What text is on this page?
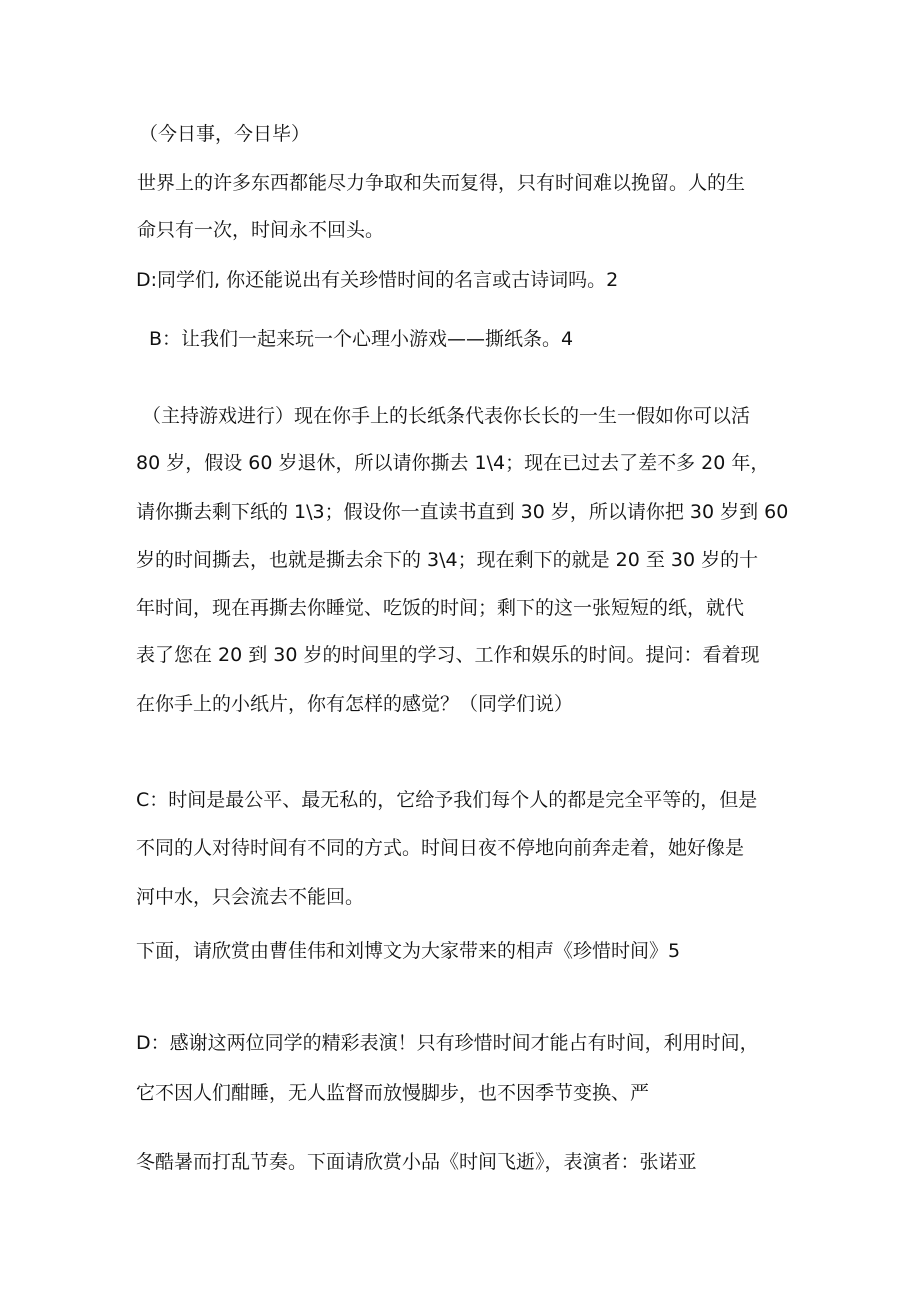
（今日事，今日毕）
世界上的许多东西都能尽力争取和失而复得，只有时间难以挽留。人的生
命只有一次，时间永不回头。
D:同学们, 你还能说出有关珍惜时间的名言或古诗词吗。2
B：让我们一起来玩一个心理小游戏——撕纸条。4
（主持游戏进行）现在你手上的长纸条代表你长长的一生一假如你可以活
80 岁，假设 60 岁退休，所以请你撕去 1\4；现在已过去了差不多 20 年，
请你撕去剩下纸的 1\3；假设你一直读书直到 30 岁，所以请你把 30 岁到 60
岁的时间撕去，也就是撕去余下的 3\4；现在剩下的就是 20 至 30 岁的十
年时间，现在再撕去你睡觉、吃饭的时间；剩下的这一张短短的纸，就代
表了您在 20 到 30 岁的时间里的学习、工作和娱乐的时间。提问：看着现
在你手上的小纸片，你有怎样的感觉？（同学们说）
C：时间是最公平、最无私的，它给予我们每个人的都是完全平等的，但是
不同的人对待时间有不同的方式。时间日夜不停地向前奔走着，她好像是
河中水，只会流去不能回。
下面，请欣赏由曹佳伟和刘博文为大家带来的相声《珍惜时间》5
D：感谢这两位同学的精彩表演！只有珍惜时间才能占有时间，利用时间，
它不因人们酣睡，无人监督而放慢脚步，也不因季节变换、严
冬酷暑而打乱节奏。下面请欣赏小品《时间飞逝》，表演者：张诺亚
